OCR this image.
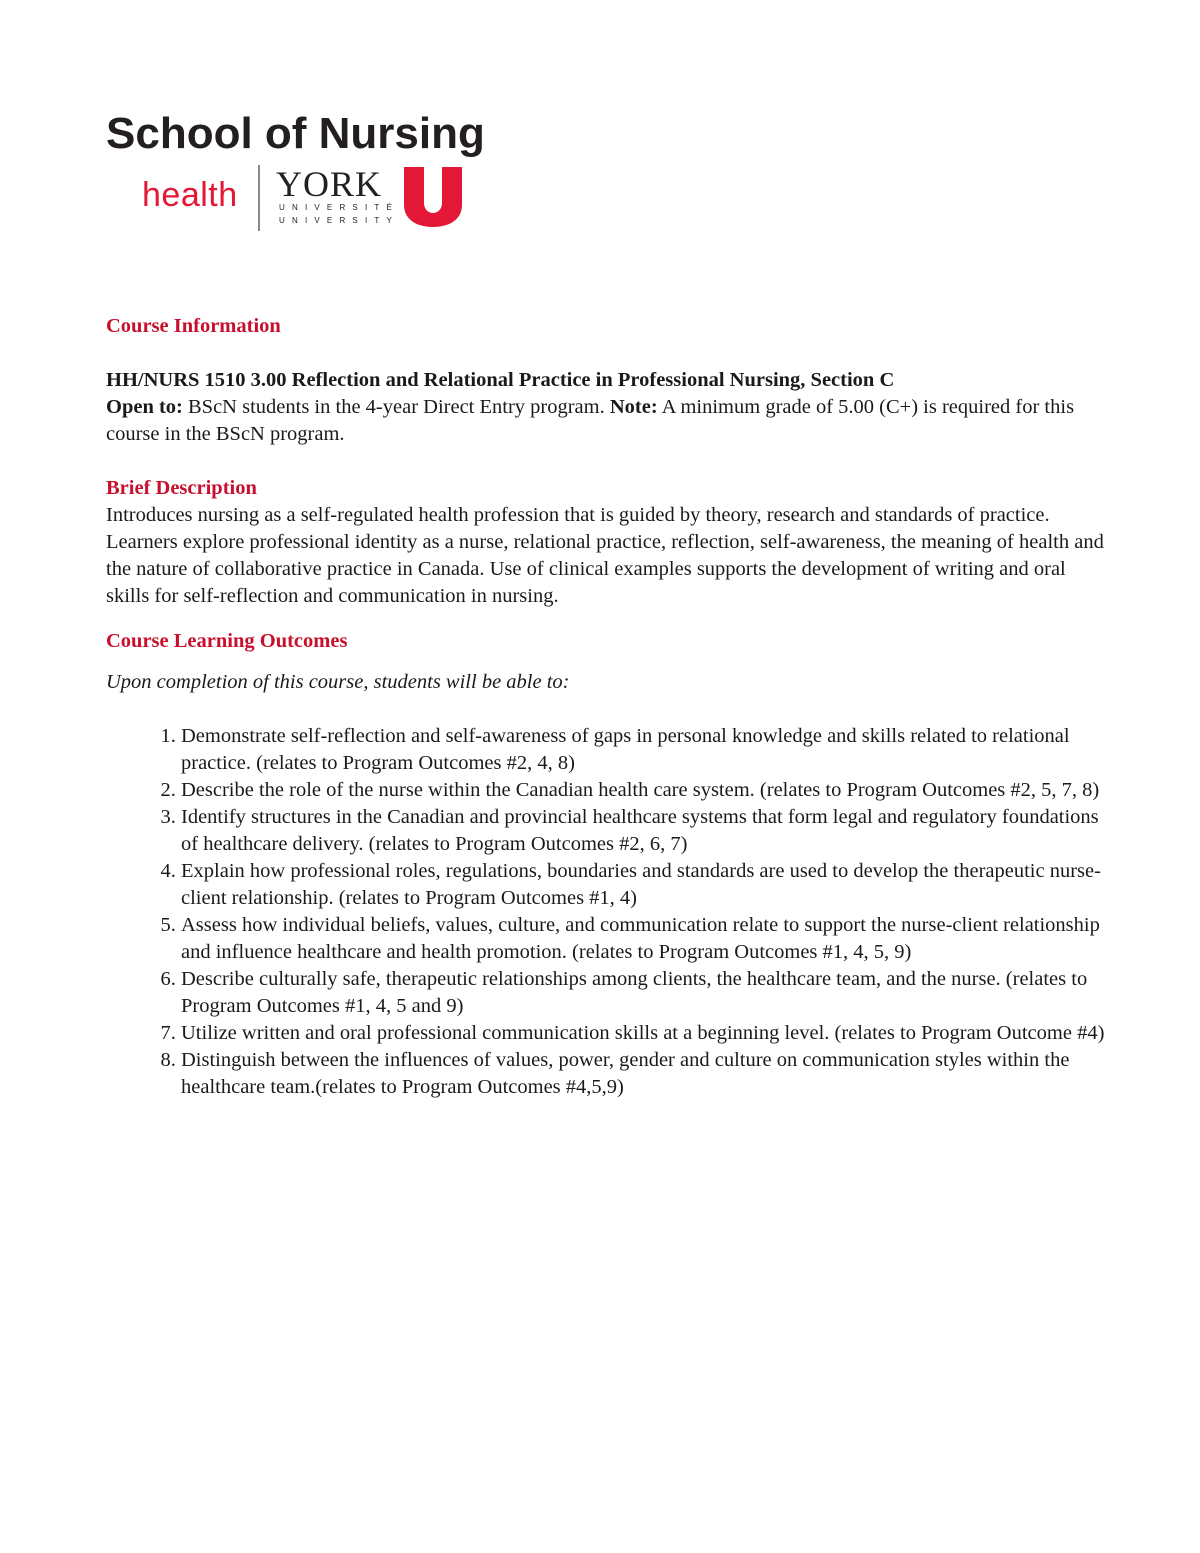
School of Nursing
health YORK
UNIVERSITÉ
UNIVERSITY

Course Information

HH/NURS 1510 3.00 Reflection and Relational Practice in Professional Nursing, Section C

Open to: BScN students in the 4-year Direct Entry program. Note: A minimum grade of 5.00 (C+) is required for this course in the BScN program.

Brief Description

Introduces nursing as a self-regulated health profession that is guided by theory, research and standards of practice. Learners explore professional identity as a nurse, relational practice, reflection, self-awareness, the meaning of health and the nature of collaborative practice in Canada. Use of clinical examples supports the development of writing and oral skills for self-reflection and communication in nursing.

Course Learning Outcomes

Upon completion of this course, students will be able to:

1. Demonstrate self-reflection and self-awareness of gaps in personal knowledge and skills related to relational practice. (relates to Program Outcomes #2, 4, 8)
2. Describe the role of the nurse within the Canadian health care system. (relates to Program Outcomes #2, 5, 7, 8)
3. Identify structures in the Canadian and provincial healthcare systems that form legal and regulatory foundations of healthcare delivery. (relates to Program Outcomes #2, 6, 7)
4. Explain how professional roles, regulations, boundaries and standards are used to develop the therapeutic nurse-client relationship. (relates to Program Outcomes #1, 4)
5. Assess how individual beliefs, values, culture, and communication relate to support the nurse-client relationship and influence healthcare and health promotion. (relates to Program Outcomes #1, 4, 5, 9)
6. Describe culturally safe, therapeutic relationships among clients, the healthcare team, and the nurse. (relates to Program Outcomes #1, 4, 5 and 9)
7. Utilize written and oral professional communication skills at a beginning level. (relates to Program Outcome #4)
8. Distinguish between the influences of values, power, gender and culture on communication styles within the healthcare team.(relates to Program Outcomes #4,5,9)
